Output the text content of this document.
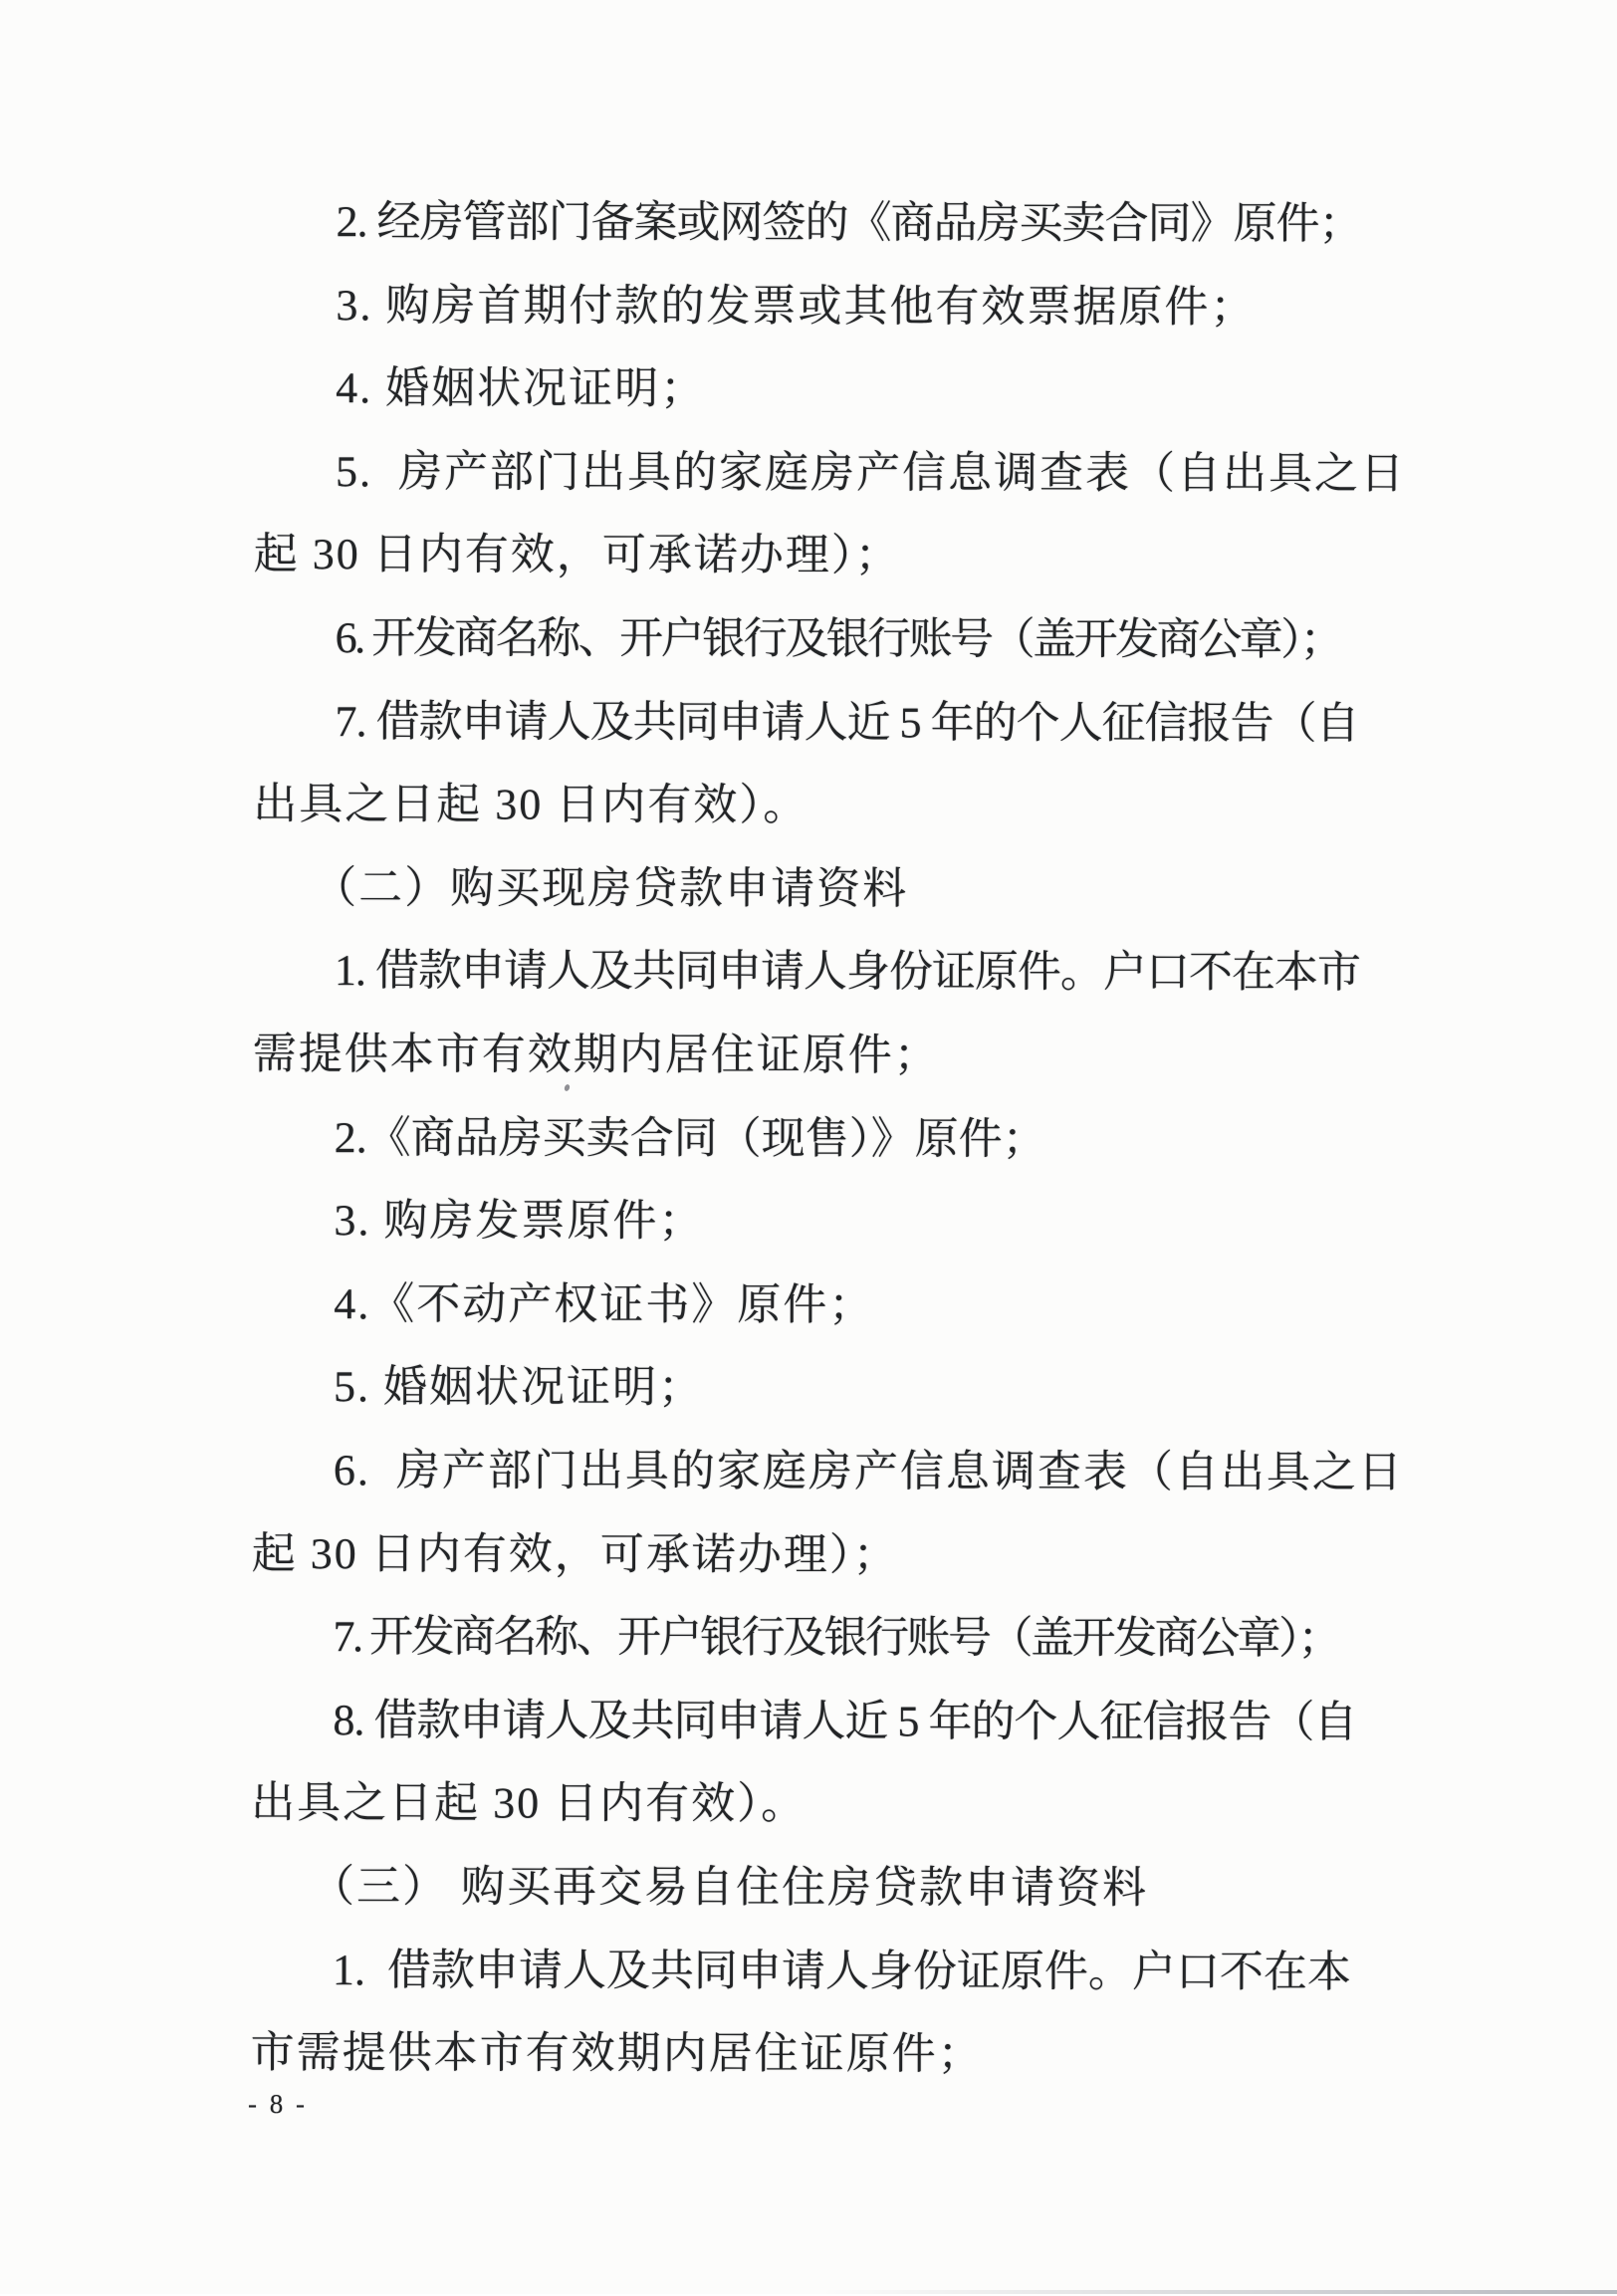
2. 经房管部门备案或网签的《商品房买卖合同》原件；
3. 购房首期付款的发票或其他有效票据原件；
4. 婚姻状况证明；
5.  房产部门出具的家庭房产信息调查表（自出具之日
起 30 日内有效，可承诺办理）；
6. 开发商名称、开户银行及银行账号（盖开发商公章）；
7. 借款申请人及共同申请人近 5 年的个人征信报告（自
出具之日起 30 日内有效）。
（二）购买现房贷款申请资料
1. 借款申请人及共同申请人身份证原件。户口不在本市
需提供本市有效期内居住证原件；
2.《商品房买卖合同（现售）》原件；
3. 购房发票原件；
4.《不动产权证书》原件；
5. 婚姻状况证明；
6.  房产部门出具的家庭房产信息调查表（自出具之日
起 30 日内有效，可承诺办理）；
7. 开发商名称、开户银行及银行账号（盖开发商公章）；
8. 借款申请人及共同申请人近 5 年的个人征信报告（自
出具之日起 30 日内有效）。
（三） 购买再交易自住住房贷款申请资料
1.  借款申请人及共同申请人身份证原件。户口不在本
市需提供本市有效期内居住证原件；
- 8 -
